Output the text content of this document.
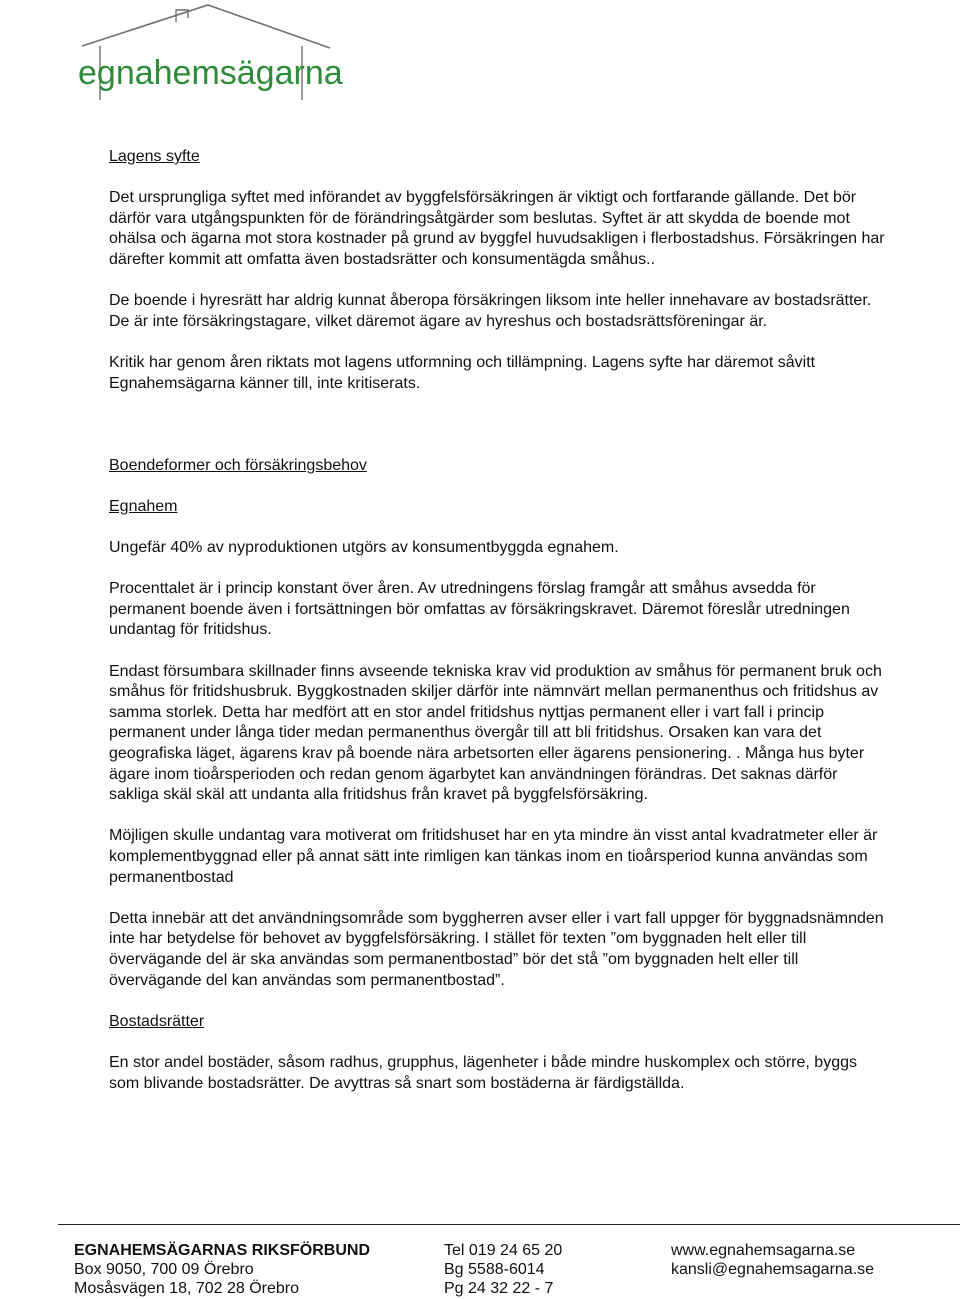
egnahemsägarna

Lagens syfte

Det ursprungliga syftet med införandet av byggfelsförsäkringen är viktigt och fortfarande gällande. Det bör därför vara utgångspunkten för de förändringsåtgärder som beslutas. Syftet är att skydda de boende mot ohälsa och ägarna mot stora kostnader på grund av byggfel huvudsakligen i flerbostadshus. Försäkringen har därefter kommit att omfatta även bostadsrätter och konsumentägda småhus..

De boende i hyresrätt har aldrig kunnat åberopa försäkringen liksom inte heller innehavare av bostadsrätter. De är inte försäkringstagare, vilket däremot ägare av hyreshus och bostadsrättsföreningar är.

Kritik har genom åren riktats mot lagens utformning och tillämpning. Lagens syfte har däremot såvitt Egnahemsägarna känner till, inte kritiserats.

Boendeformer och försäkringsbehov

Egnahem

Ungefär 40% av nyproduktionen utgörs av konsumentbyggda egnahem.

Procenttalet är i princip konstant över åren. Av utredningens förslag framgår att småhus avsedda för permanent boende även i fortsättningen bör omfattas av försäkringskravet. Däremot föreslår utredningen undantag för fritidshus.

Endast försumbara skillnader finns avseende tekniska krav vid produktion av småhus för permanent bruk och småhus för fritidshusbruk. Byggkostnaden skiljer därför inte nämnvärt mellan permanenthus och fritidshus av samma storlek. Detta har medfört att en stor andel fritidshus nyttjas permanent eller i vart fall i princip permanent under långa tider medan permanenthus övergår till att bli fritidshus. Orsaken kan vara det geografiska läget, ägarens krav på boende nära arbetsorten eller ägarens pensionering. . Många hus byter ägare inom tioårsperioden och redan genom ägarbytet kan användningen förändras. Det saknas därför sakliga skäl skäl att undanta alla fritidshus från kravet på byggfelsförsäkring.

Möjligen skulle undantag vara motiverat om fritidshuset har en yta mindre än visst antal kvadratmeter eller är komplementbyggnad eller på annat sätt inte rimligen kan tänkas inom en tioårsperiod kunna användas som permanentbostad

Detta innebär att det användningsområde som byggherren avser eller i vart fall uppger för byggnadsnämnden inte har betydelse för behovet av byggfelsförsäkring. I stället för texten ”om byggnaden helt eller till övervägande del är ska användas som permanentbostad” bör det stå ”om byggnaden helt eller till övervägande del kan användas som permanentbostad”.

Bostadsrätter

En stor andel bostäder, såsom radhus, grupphus, lägenheter i både mindre huskomplex och större, byggs som blivande bostadsrätter. De avyttras så snart som bostäderna är färdigställda.

EGNAHEMSÄGARNAS RIKSFÖRBUND
Box 9050, 700 09 Örebro
Mosåsvägen 18, 702 28 Örebro
Tel 019 24 65 20
Bg 5588-6014
Pg 24 32 22 - 7
www.egnahemsagarna.se
kansli@egnahemsagarna.se
